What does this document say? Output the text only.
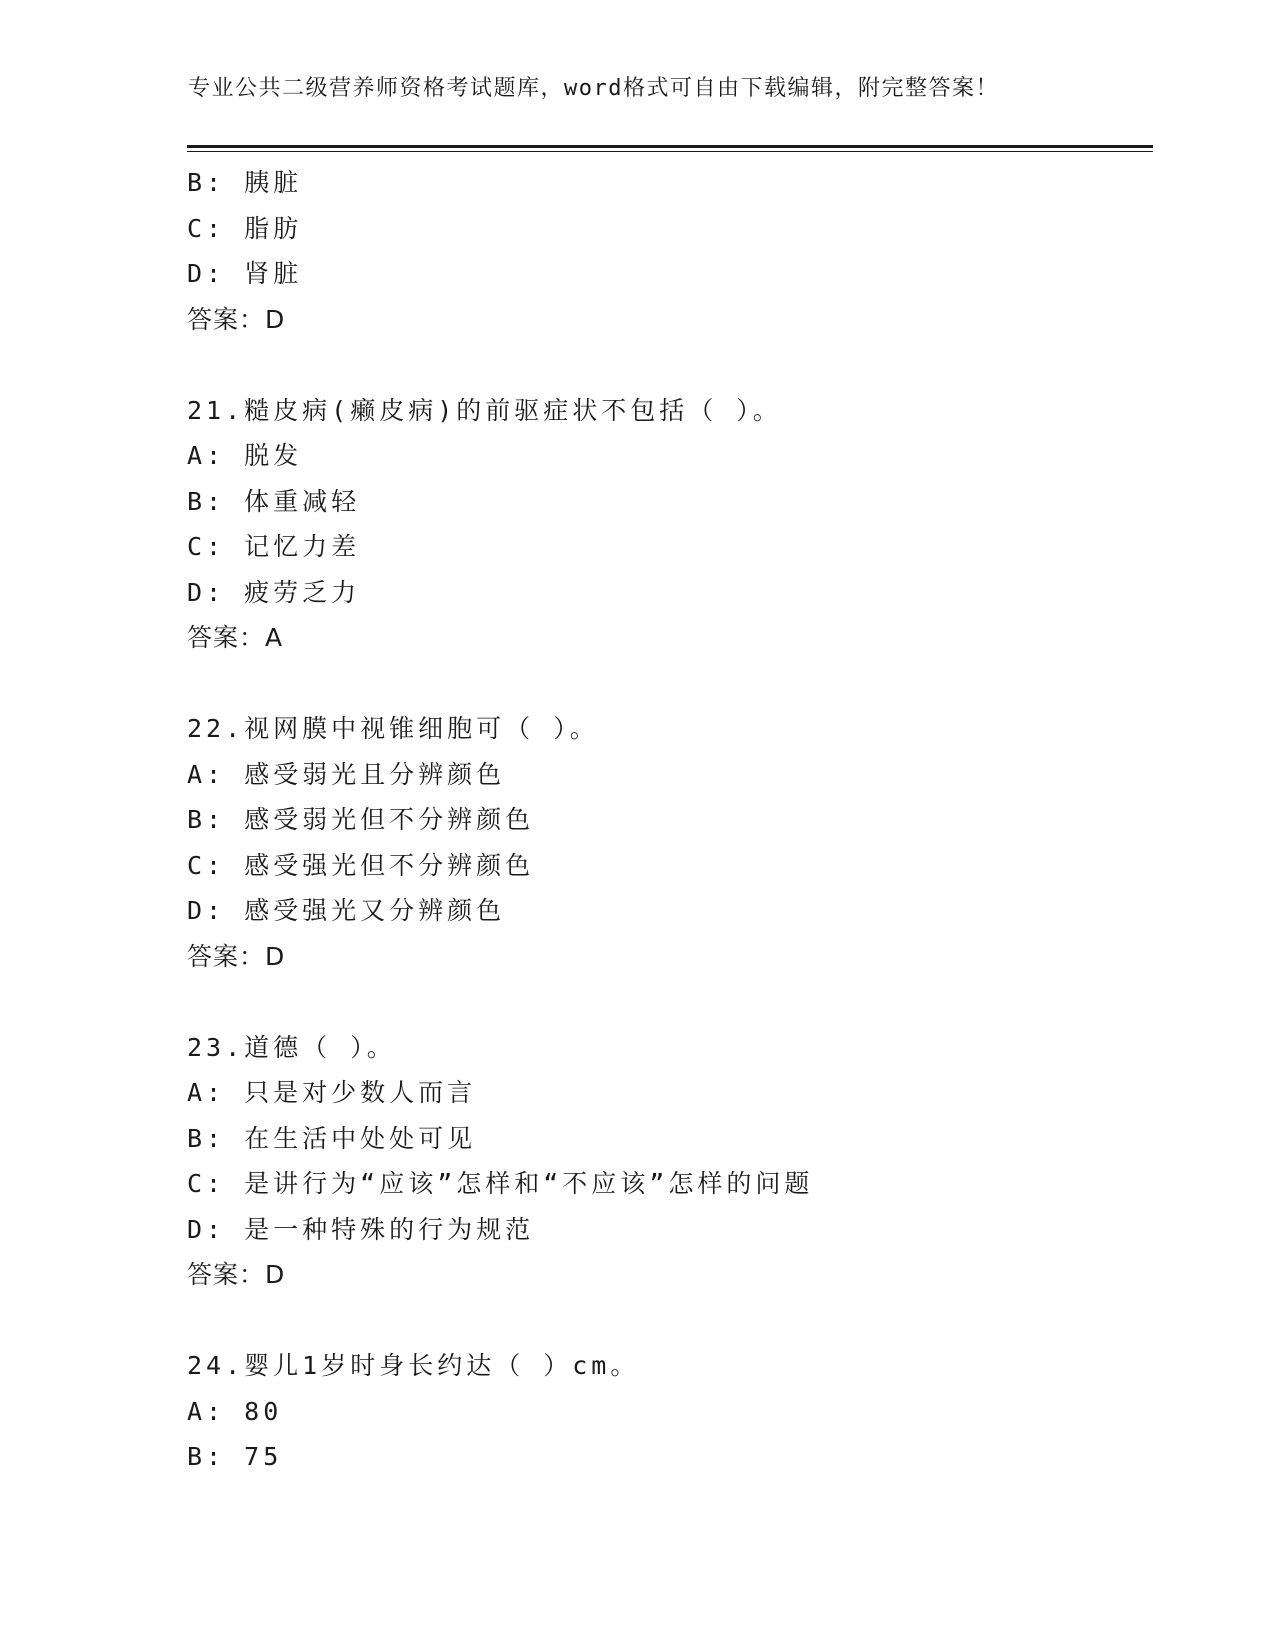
专业公共二级营养师资格考试题库，word格式可自由下载编辑，附完整答案！
B: 胰脏
C: 脂肪
D: 肾脏
答案：D
21.糙皮病(癞皮病)的前驱症状不包括（ ）。
A: 脱发
B: 体重减轻
C: 记忆力差
D: 疲劳乏力
答案：A
22.视网膜中视锥细胞可（ ）。
A: 感受弱光且分辨颜色
B: 感受弱光但不分辨颜色
C: 感受强光但不分辨颜色
D: 感受强光又分辨颜色
答案：D
23.道德（ ）。
A: 只是对少数人而言
B: 在生活中处处可见
C: 是讲行为“应该”怎样和“不应该”怎样的问题
D: 是一种特殊的行为规范
答案：D
24.婴儿1岁时身长约达（ ）cm。
A: 80
B: 75
